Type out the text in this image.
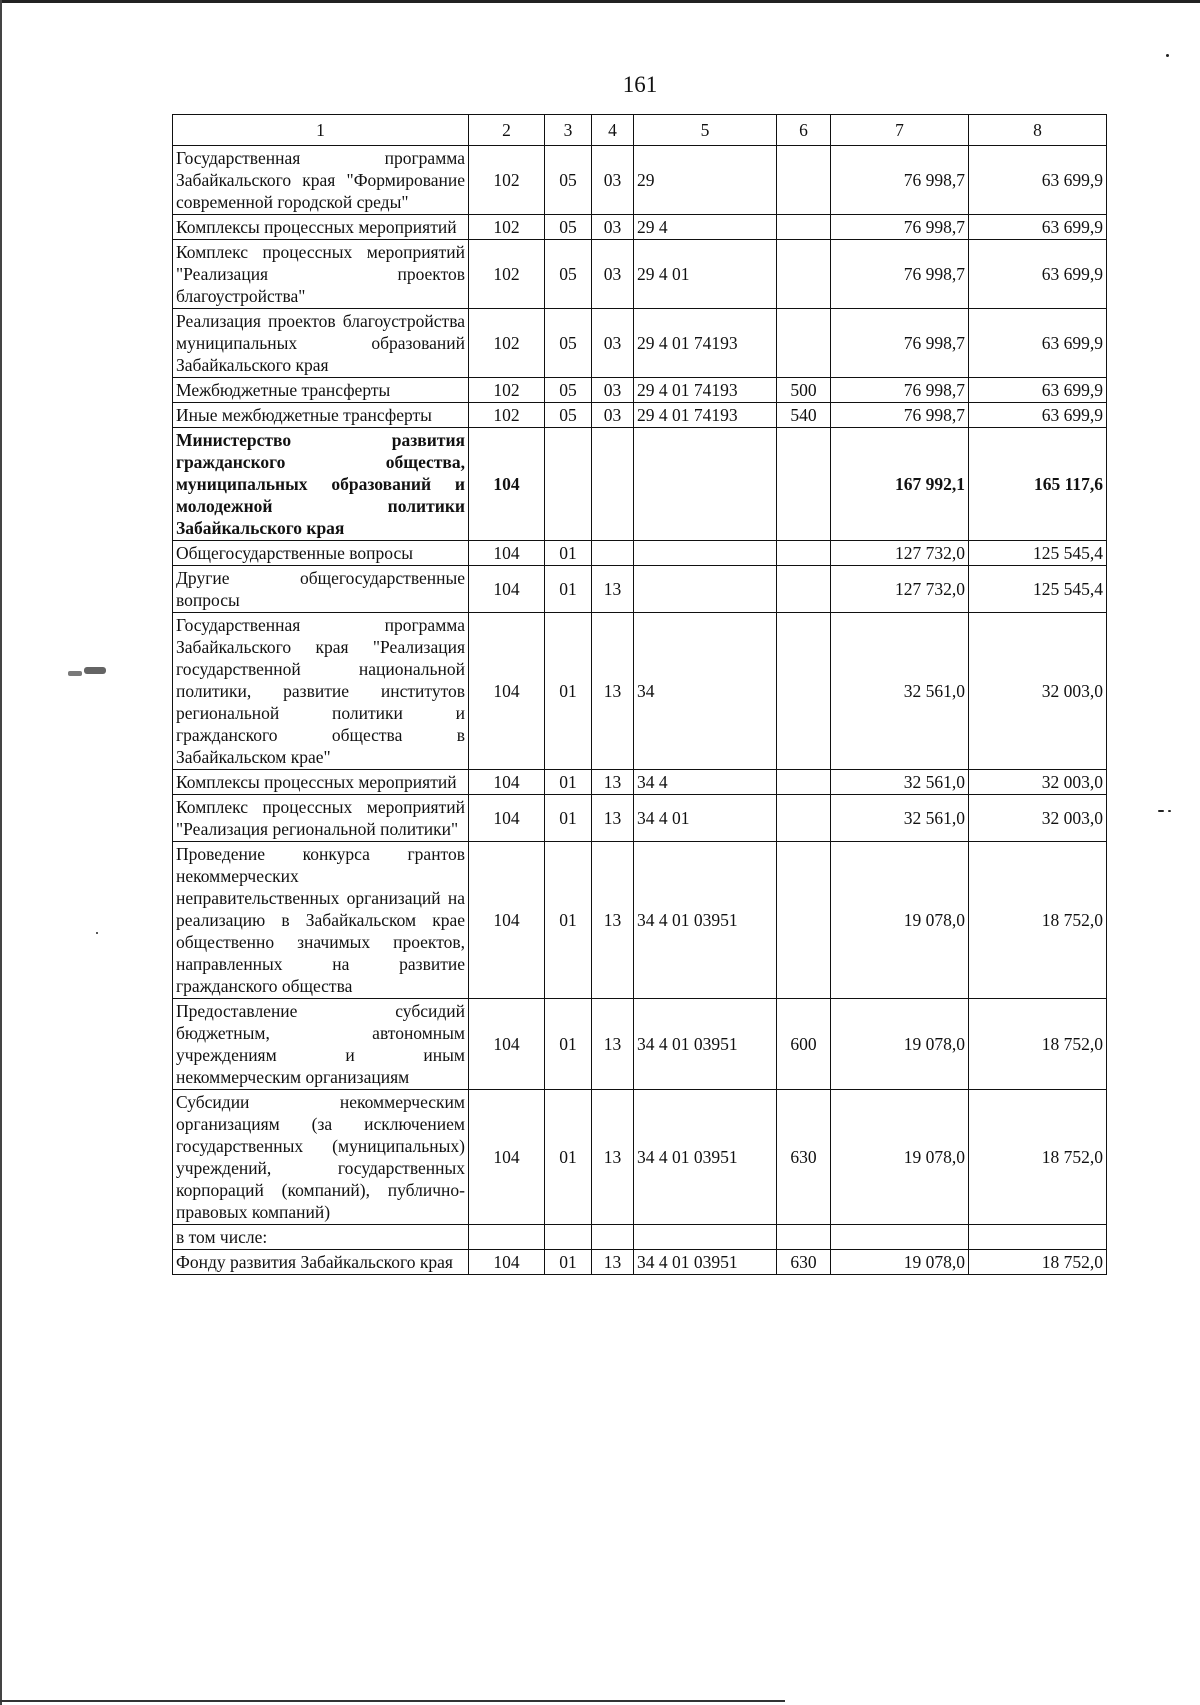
161
1	2	3	4	5	6	7	8
Государственная программа Забайкальского края "Формирование современной городской среды"	102	05	03	29		76 998,7	63 699,9
Комплексы процессных мероприятий	102	05	03	29 4		76 998,7	63 699,9
Комплекс процессных мероприятий "Реализация проектов благоустройства"	102	05	03	29 4 01		76 998,7	63 699,9
Реализация проектов благоустройства муниципальных образований Забайкальского края	102	05	03	29 4 01 74193		76 998,7	63 699,9
Межбюджетные трансферты	102	05	03	29 4 01 74193	500	76 998,7	63 699,9
Иные межбюджетные трансферты	102	05	03	29 4 01 74193	540	76 998,7	63 699,9
Министерство развития гражданского общества, муниципальных образований и молодежной политики Забайкальского края	104					167 992,1	165 117,6
Общегосударственные вопросы	104	01				127 732,0	125 545,4
Другие общегосударственные вопросы	104	01	13			127 732,0	125 545,4
Государственная программа Забайкальского края "Реализация государственной национальной политики, развитие институтов региональной политики и гражданского общества в Забайкальском крае"	104	01	13	34		32 561,0	32 003,0
Комплексы процессных мероприятий	104	01	13	34 4		32 561,0	32 003,0
Комплекс процессных мероприятий "Реализация региональной политики"	104	01	13	34 4 01		32 561,0	32 003,0
Проведение конкурса грантов некоммерческих неправительственных организаций на реализацию в Забайкальском крае общественно значимых проектов, направленных на развитие гражданского общества	104	01	13	34 4 01 03951		19 078,0	18 752,0
Предоставление субсидий бюджетным, автономным учреждениям и иным некоммерческим организациям	104	01	13	34 4 01 03951	600	19 078,0	18 752,0
Субсидии некоммерческим организациям (за исключением государственных (муниципальных) учреждений, государственных корпораций (компаний), публично-правовых компаний)	104	01	13	34 4 01 03951	630	19 078,0	18 752,0
в том числе:							
Фонду развития Забайкальского края	104	01	13	34 4 01 03951	630	19 078,0	18 752,0
